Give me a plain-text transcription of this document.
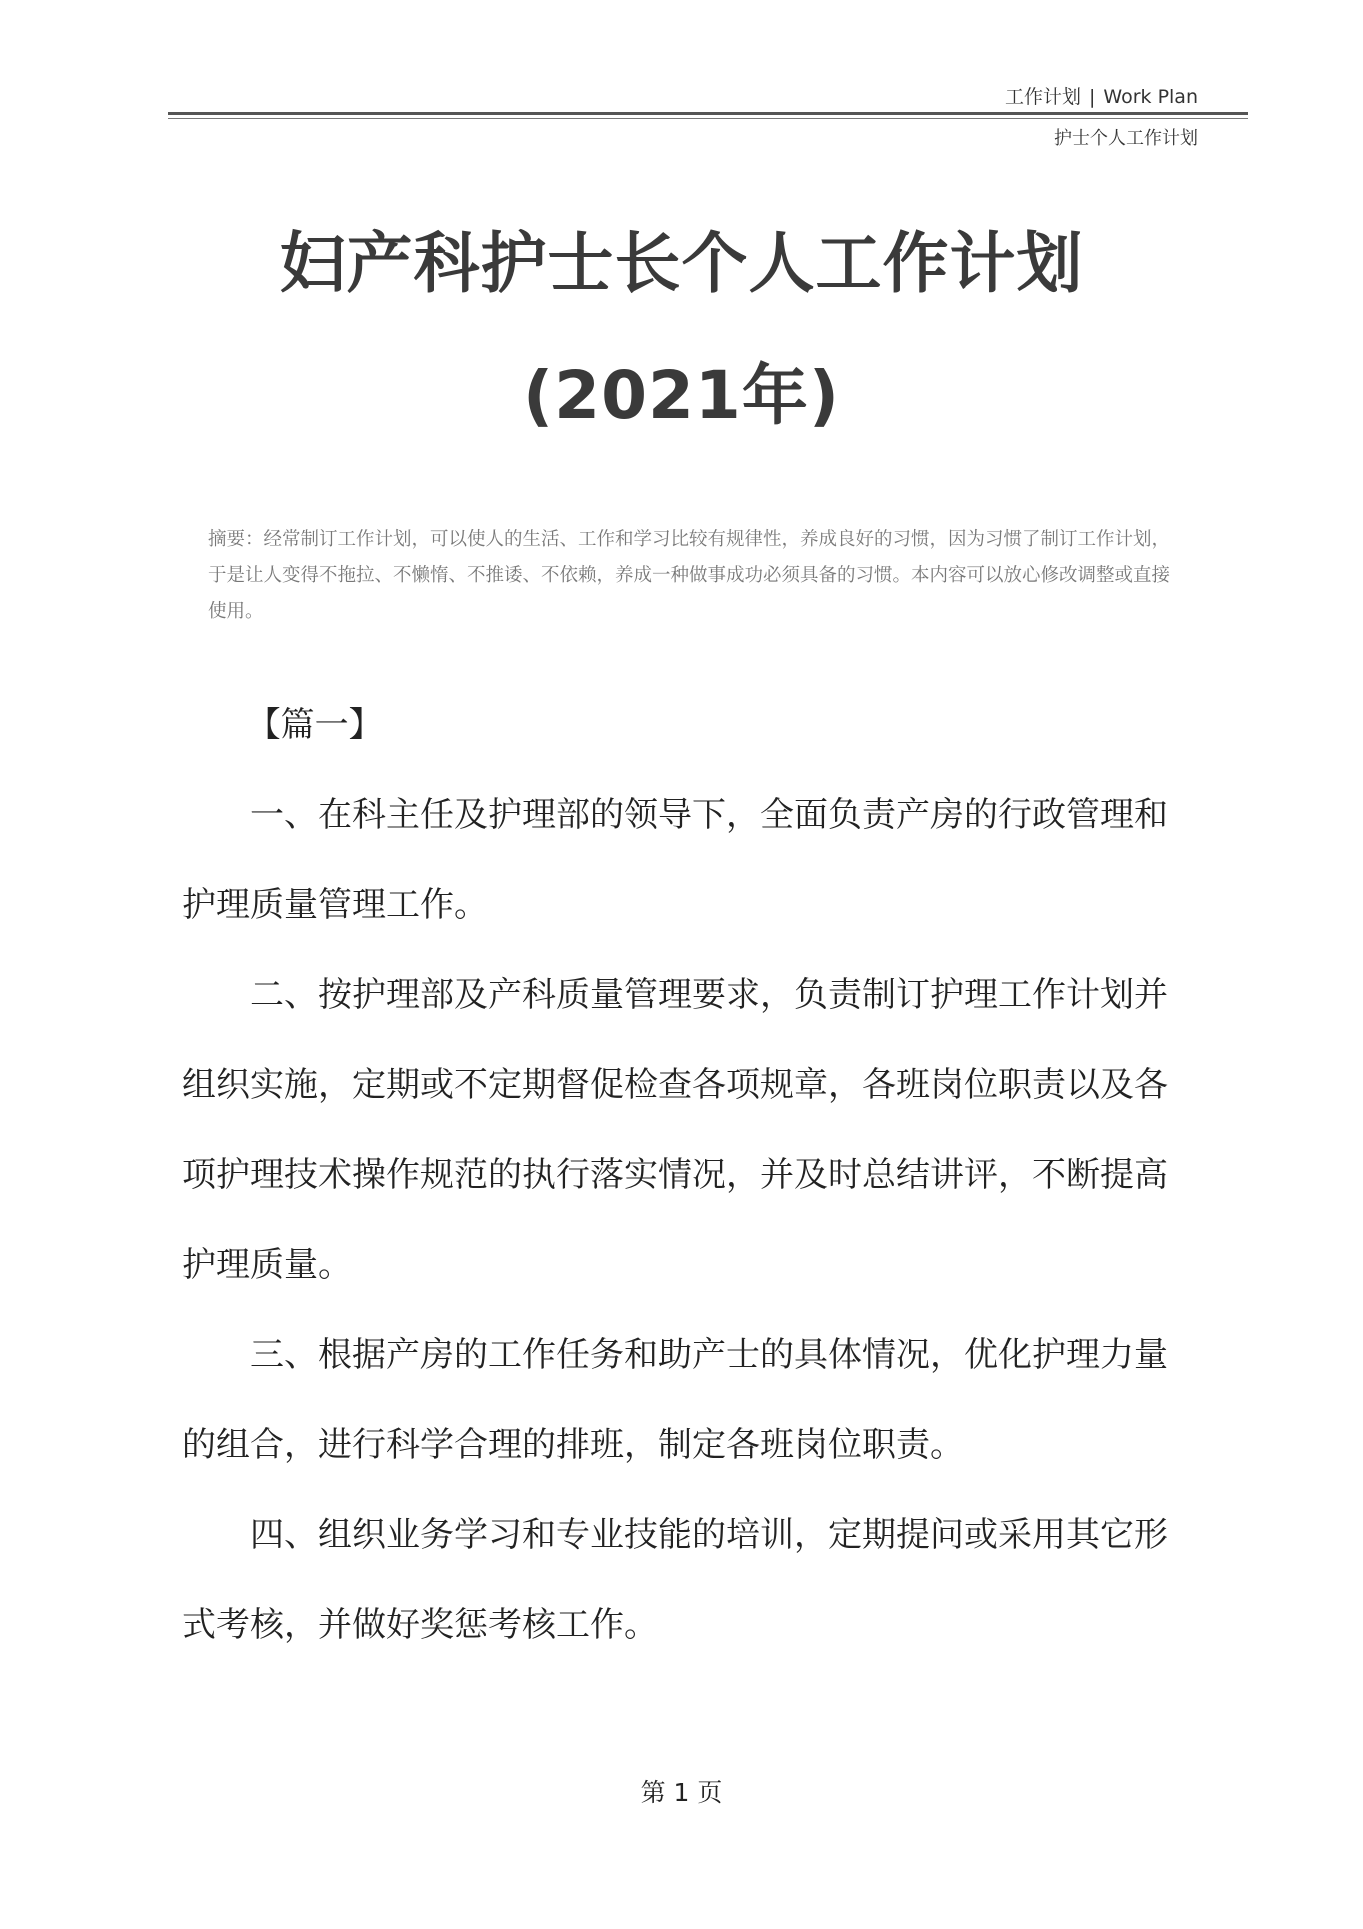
工作计划 | Work Plan
护士个人工作计划
妇产科护士长个人工作计划(2021年)
摘要：经常制订工作计划，可以使人的生活、工作和学习比较有规律性，养成良好的习惯，因为习惯了制订工作计划，于是让人变得不拖拉、不懒惰、不推诿、不依赖，养成一种做事成功必须具备的习惯。本内容可以放心修改调整或直接使用。

【篇一】

一、在科主任及护理部的领导下，全面负责产房的行政管理和护理质量管理工作。

二、按护理部及产科质量管理要求，负责制订护理工作计划并组织实施，定期或不定期督促检查各项规章，各班岗位职责以及各项护理技术操作规范的执行落实情况，并及时总结讲评，不断提高护理质量。

三、根据产房的工作任务和助产士的具体情况，优化护理力量的组合，进行科学合理的排班，制定各班岗位职责。

四、组织业务学习和专业技能的培训，定期提问或采用其它形式考核，并做好奖惩考核工作。

第 1 页
